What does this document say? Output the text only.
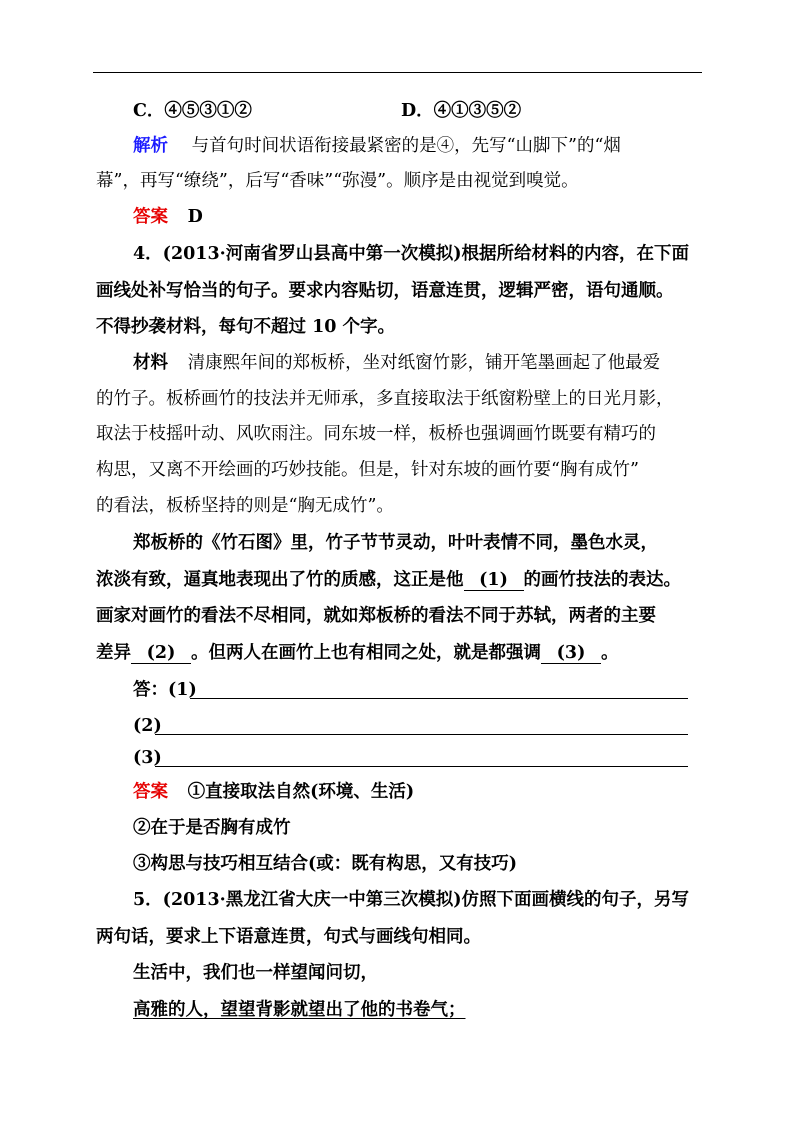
C．④⑤③①②	D．④①③⑤②
解析 与首句时间状语衔接最紧密的是④，先写“山脚下”的“烟
幕”，再写“缭绕”，后写“香味”“弥漫”。顺序是由视觉到嗅觉。
答案 D
4．(2013·河南省罗山县高中第一次模拟)根据所给材料的内容，在下面
画线处补写恰当的句子。要求内容贴切，语意连贯，逻辑严密，语句通顺。
不得抄袭材料，每句不超过 10 个字。
材料 清康熙年间的郑板桥，坐对纸窗竹影，铺开笔墨画起了他最爱
的竹子。板桥画竹的技法并无师承，多直接取法于纸窗粉壁上的日光月影，
取法于枝摇叶动、风吹雨注。同东坡一样，板桥也强调画竹既要有精巧的
构思，又离不开绘画的巧妙技能。但是，针对东坡的画竹要“胸有成竹”
的看法，板桥坚持的则是“胸无成竹”。
郑板桥的《竹石图》里，竹子节节灵动，叶叶表情不同，墨色水灵，
浓淡有致，逼真地表现出了竹的质感，这正是他 (1) 的画竹技法的表达。
画家对画竹的看法不尽相同，就如郑板桥的看法不同于苏轼，两者的主要
差异 (2) 。但两人在画竹上也有相同之处，就是都强调 (3) 。
答：(1)
(2)
(3)
答案 ①直接取法自然(环境、生活)
②在于是否胸有成竹
③构思与技巧相互结合(或：既有构思，又有技巧)
5．(2013·黑龙江省大庆一中第三次模拟)仿照下面画横线的句子，另写
两句话，要求上下语意连贯，句式与画线句相同。
生活中，我们也一样望闻问切，
高雅的人，望望背影就望出了他的书卷气；
